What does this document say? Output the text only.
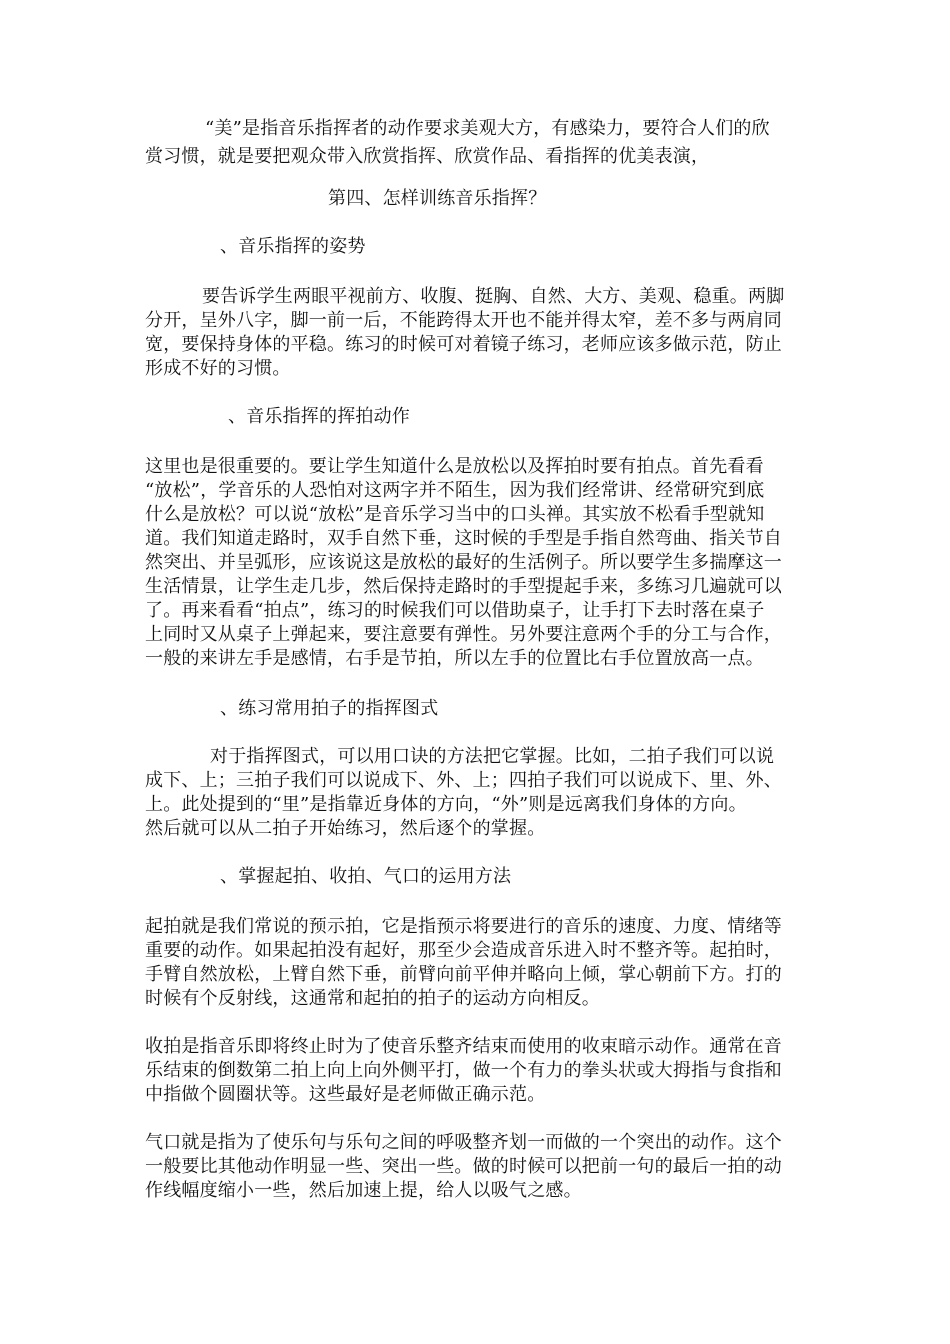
“美”是指音乐指挥者的动作要求美观大方，有感染力，要符合人们的欣
赏习惯，就是要把观众带入欣赏指挥、欣赏作品、看指挥的优美表演，
第四、怎样训练音乐指挥？
、音乐指挥的姿势
要告诉学生两眼平视前方、收腹、挺胸、自然、大方、美观、稳重。两脚
分开，呈外八字，脚一前一后，不能跨得太开也不能并得太窄，差不多与两肩同
宽，要保持身体的平稳。练习的时候可对着镜子练习，老师应该多做示范，防止
形成不好的习惯。
、音乐指挥的挥拍动作
这里也是很重要的。要让学生知道什么是放松以及挥拍时要有拍点。首先看看
“放松”，学音乐的人恐怕对这两字并不陌生，因为我们经常讲、经常研究到底
什么是放松？可以说“放松”是音乐学习当中的口头禅。其实放不松看手型就知
道。我们知道走路时，双手自然下垂，这时候的手型是手指自然弯曲、指关节自
然突出、并呈弧形，应该说这是放松的最好的生活例子。所以要学生多揣摩这一
生活情景，让学生走几步，然后保持走路时的手型提起手来，多练习几遍就可以
了。再来看看“拍点”，练习的时候我们可以借助桌子，让手打下去时落在桌子
上同时又从桌子上弹起来，要注意要有弹性。另外要注意两个手的分工与合作，
一般的来讲左手是感情，右手是节拍，所以左手的位置比右手位置放高一点。
、练习常用拍子的指挥图式
对于指挥图式，可以用口诀的方法把它掌握。比如，二拍子我们可以说
成下、上；三拍子我们可以说成下、外、上；四拍子我们可以说成下、里、外、
上。此处提到的“里”是指靠近身体的方向，“外”则是远离我们身体的方向。
然后就可以从二拍子开始练习，然后逐个的掌握。
、掌握起拍、收拍、气口的运用方法
起拍就是我们常说的预示拍，它是指预示将要进行的音乐的速度、力度、情绪等
重要的动作。如果起拍没有起好，那至少会造成音乐进入时不整齐等。起拍时，
手臂自然放松，上臂自然下垂，前臂向前平伸并略向上倾，掌心朝前下方。打的
时候有个反射线，这通常和起拍的拍子的运动方向相反。
收拍是指音乐即将终止时为了使音乐整齐结束而使用的收束暗示动作。通常在音
乐结束的倒数第二拍上向上向外侧平打，做一个有力的拳头状或大拇指与食指和
中指做个圆圈状等。这些最好是老师做正确示范。
气口就是指为了使乐句与乐句之间的呼吸整齐划一而做的一个突出的动作。这个
一般要比其他动作明显一些、突出一些。做的时候可以把前一句的最后一拍的动
作线幅度缩小一些，然后加速上提，给人以吸气之感。
